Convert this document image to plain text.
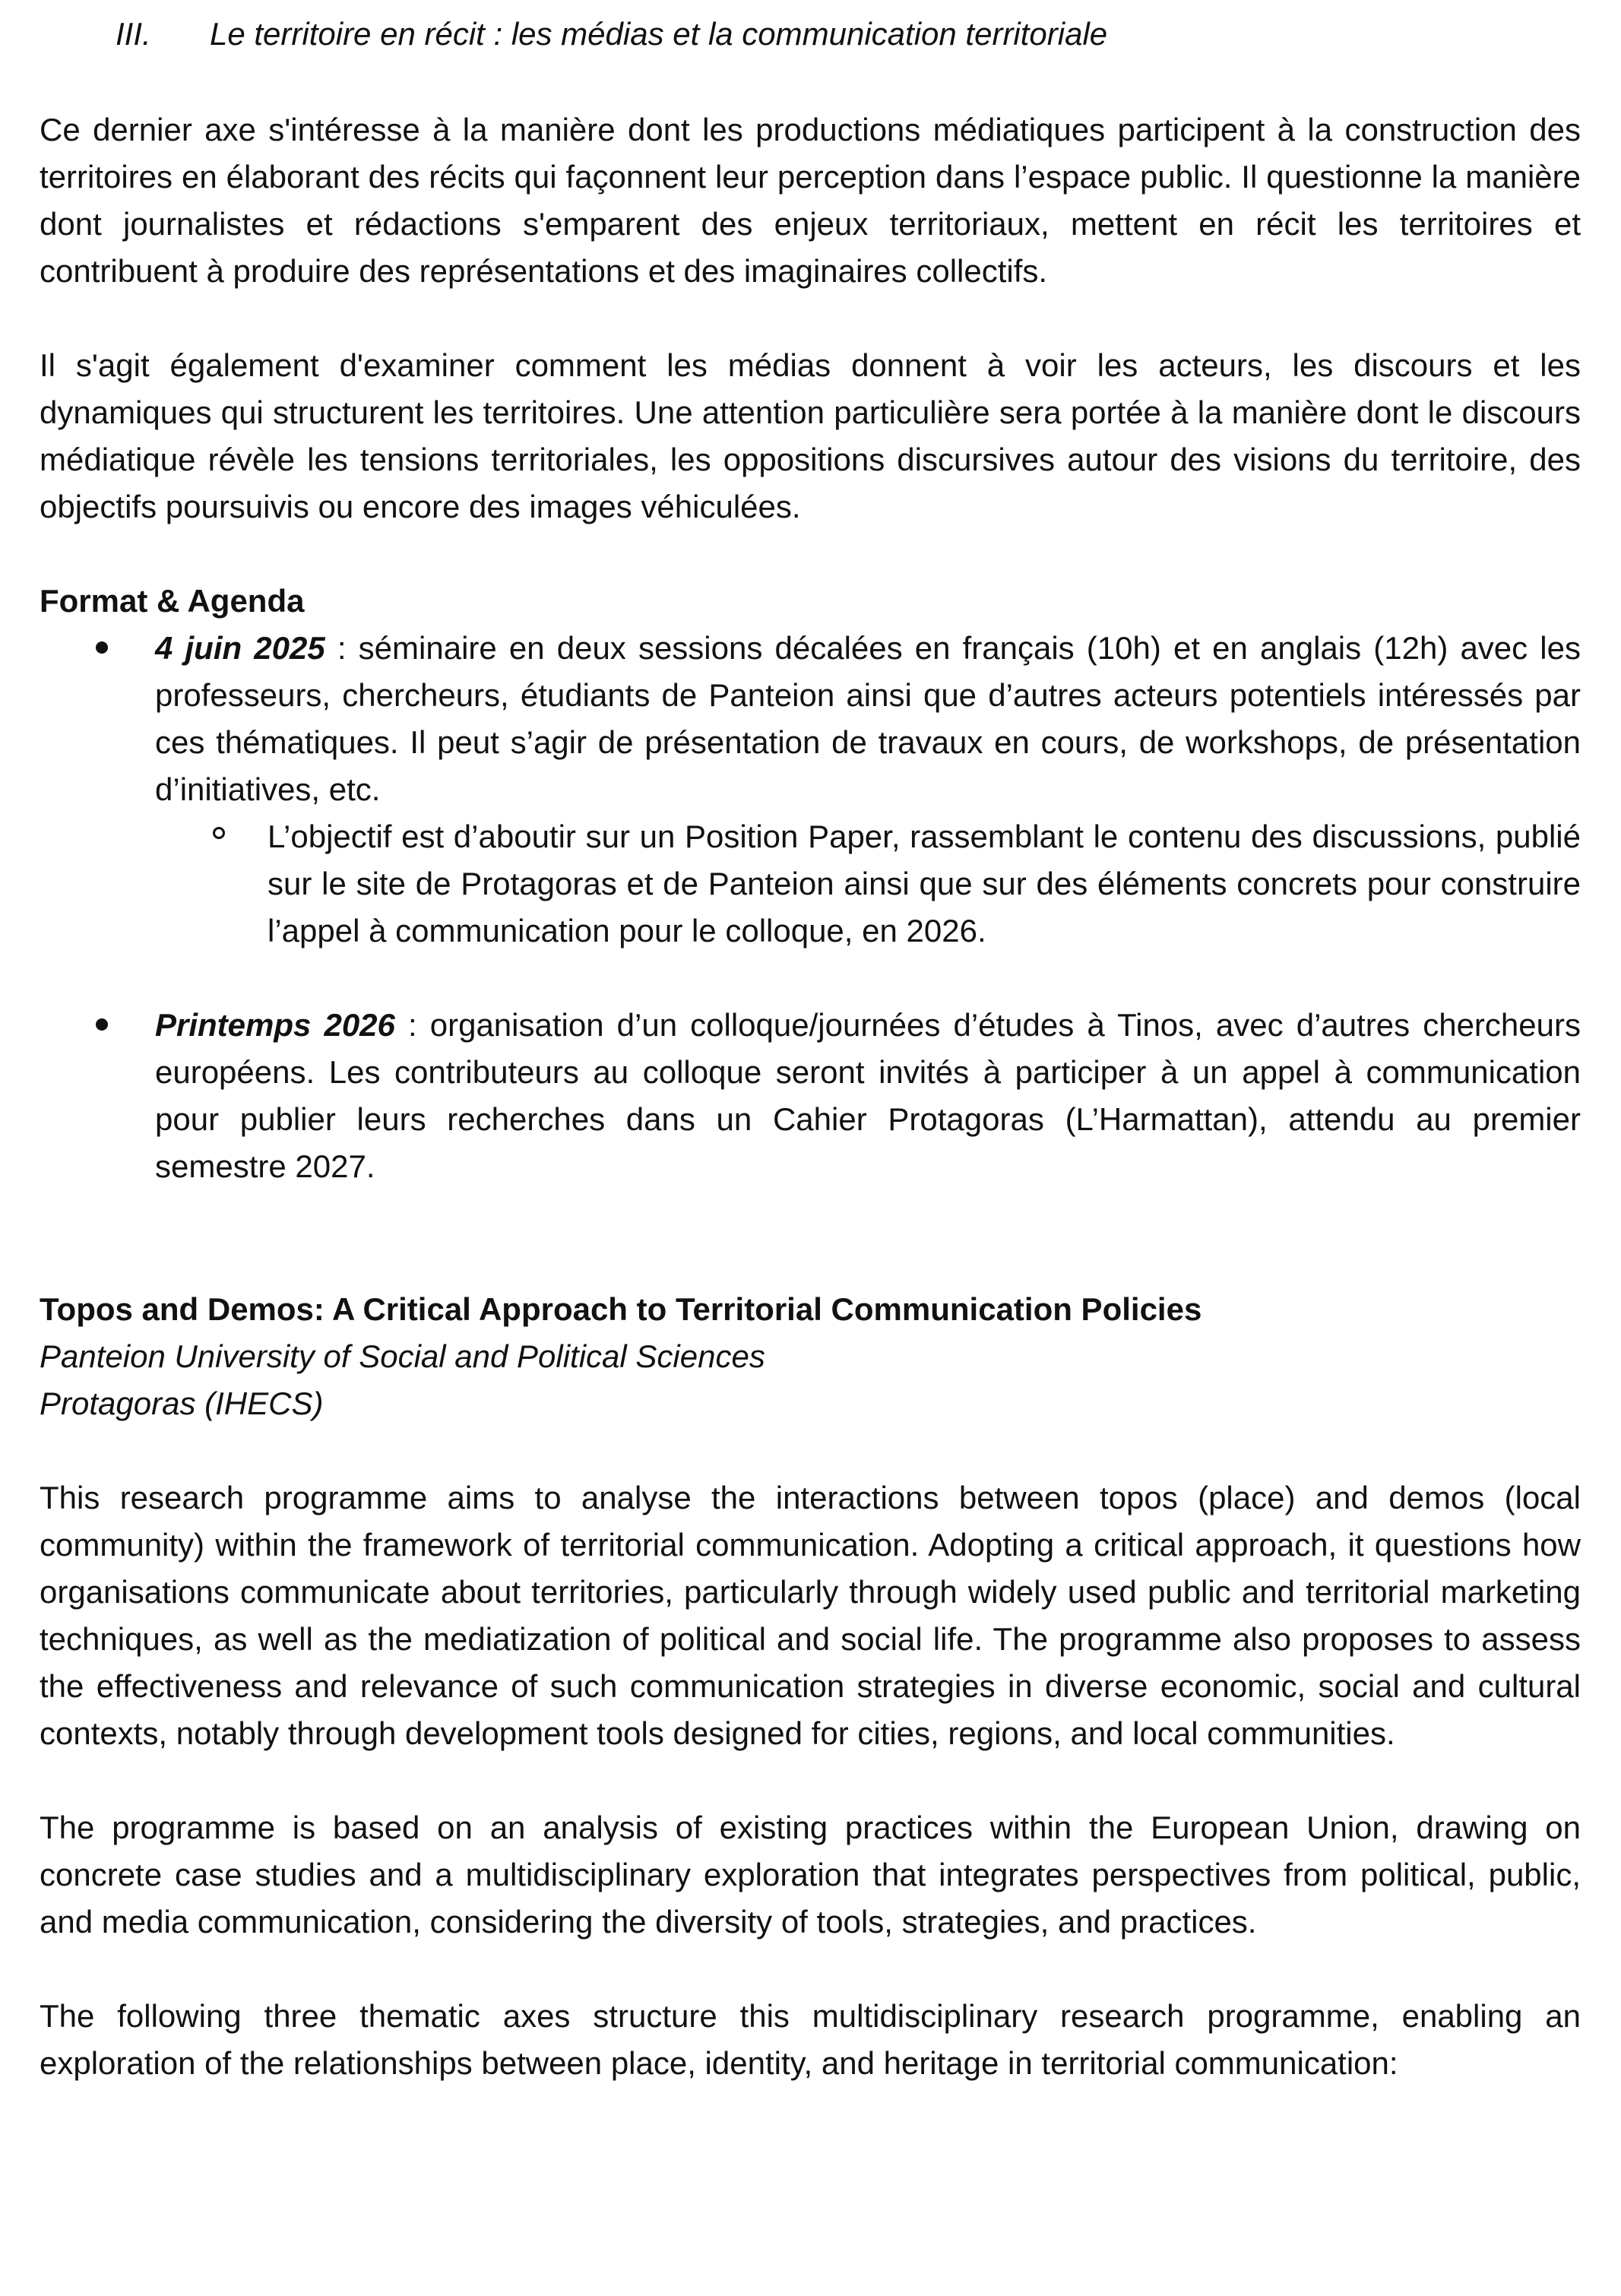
III. Le territoire en récit : les médias et la communication territoriale

Ce dernier axe s'intéresse à la manière dont les productions médiatiques participent à la construction des territoires en élaborant des récits qui façonnent leur perception dans l’espace public. Il questionne la manière dont journalistes et rédactions s'emparent des enjeux territoriaux, mettent en récit les territoires et contribuent à produire des représentations et des imaginaires collectifs.

Il s'agit également d'examiner comment les médias donnent à voir les acteurs, les discours et les dynamiques qui structurent les territoires. Une attention particulière sera portée à la manière dont le discours médiatique révèle les tensions territoriales, les oppositions discursives autour des visions du territoire, des objectifs poursuivis ou encore des images véhiculées.

Format & Agenda

4 juin 2025 : séminaire en deux sessions décalées en français (10h) et en anglais (12h) avec les professeurs, chercheurs, étudiants de Panteion ainsi que d’autres acteurs potentiels intéressés par ces thématiques. Il peut s’agir de présentation de travaux en cours, de workshops, de présentation d’initiatives, etc.
L’objectif est d’aboutir sur un Position Paper, rassemblant le contenu des discussions, publié sur le site de Protagoras et de Panteion ainsi que sur des éléments concrets pour construire l’appel à communication pour le colloque, en 2026.
Printemps 2026 : organisation d’un colloque/journées d’études à Tinos, avec d’autres chercheurs européens. Les contributeurs au colloque seront invités à participer à un appel à communication pour publier leurs recherches dans un Cahier Protagoras (L’Harmattan), attendu au premier semestre 2027.

Topos and Demos: A Critical Approach to Territorial Communication Policies

Panteion University of Social and Political Sciences

Protagoras (IHECS)

This research programme aims to analyse the interactions between topos (place) and demos (local community) within the framework of territorial communication. Adopting a critical approach, it questions how organisations communicate about territories, particularly through widely used public and territorial marketing techniques, as well as the mediatization of political and social life. The programme also proposes to assess the effectiveness and relevance of such communication strategies in diverse economic, social and cultural contexts, notably through development tools designed for cities, regions, and local communities.

The programme is based on an analysis of existing practices within the European Union, drawing on concrete case studies and a multidisciplinary exploration that integrates perspectives from political, public, and media communication, considering the diversity of tools, strategies, and practices.

The following three thematic axes structure this multidisciplinary research programme, enabling an exploration of the relationships between place, identity, and heritage in territorial communication:
